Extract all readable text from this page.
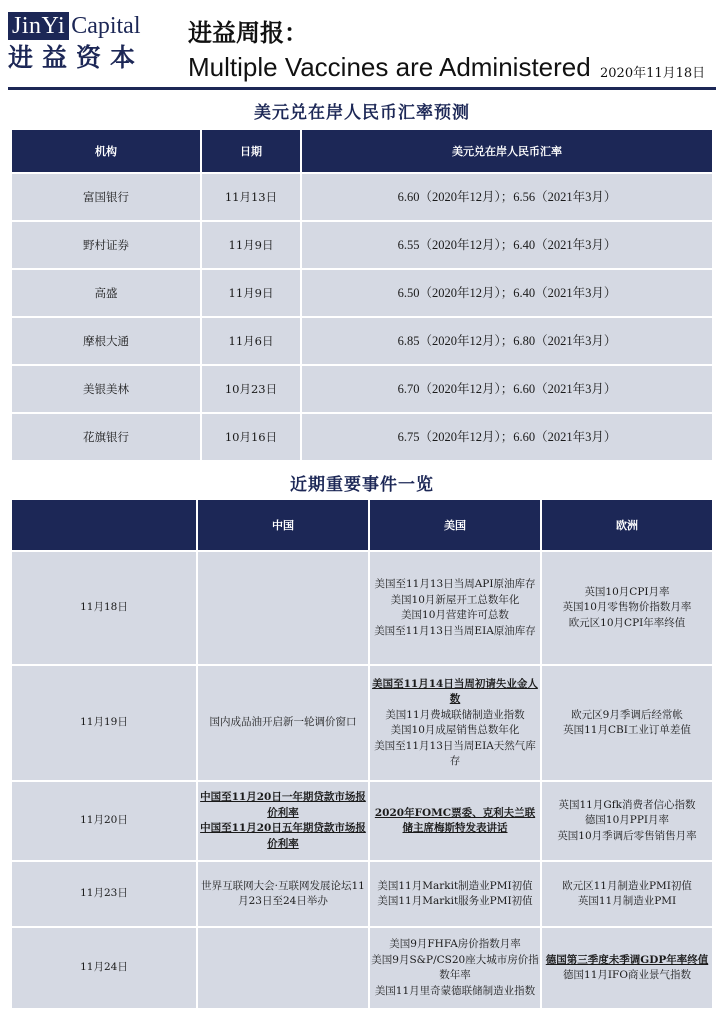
JinYi Capital
进益资本
进益周报：
Multiple Vaccines are Administered 2020年11月18日
美元兑在岸人民币汇率预测
机构	日期	美元兑在岸人民币汇率
富国银行	11月13日	6.60（2020年12月）；6.56（2021年3月）
野村证券	11月9日	6.55（2020年12月）；6.40（2021年3月）
高盛	11月9日	6.50（2020年12月）；6.40（2021年3月）
摩根大通	11月6日	6.85（2020年12月）；6.80（2021年3月）
美银美林	10月23日	6.70（2020年12月）；6.60（2021年3月）
花旗银行	10月16日	6.75（2020年12月）；6.60（2021年3月）
近期重要事件一览
	中国	美国	欧洲
11月18日		美国至11月13日当周API原油库存
美国10月新屋开工总数年化
美国10月营建许可总数
美国至11月13日当周EIA原油库存	英国10月CPI月率
英国10月零售物价指数月率
欧元区10月CPI年率终值

11月19日	国内成品油开启新一轮调价窗口	美国至11月14日当周初请失业金人数
美国11月费城联储制造业指数
美国10月成屋销售总数年化
美国至11月13日当周EIA天然气库存	欧元区9月季调后经常帐
英国11月CBI工业订单差值

11月20日	中国至11月20日一年期贷款市场报价利率
中国至11月20日五年期贷款市场报价利率	2020年FOMC票委、克利夫兰联储主席梅斯特发表讲话	英国11月Gfk消费者信心指数
德国10月PPI月率
英国10月季调后零售销售月率

11月23日	世界互联网大会·互联网发展论坛11月23日至24日举办	美国11月Markit制造业PMI初值
美国11月Markit服务业PMI初值	欧元区11月制造业PMI初值
英国11月制造业PMI

11月24日		美国9月FHFA房价指数月率
美国9月S&P/CS20座大城市房价指数年率
美国11月里奇蒙德联储制造业指数	德国第三季度未季调GDP年率终值
德国11月IFO商业景气指数
